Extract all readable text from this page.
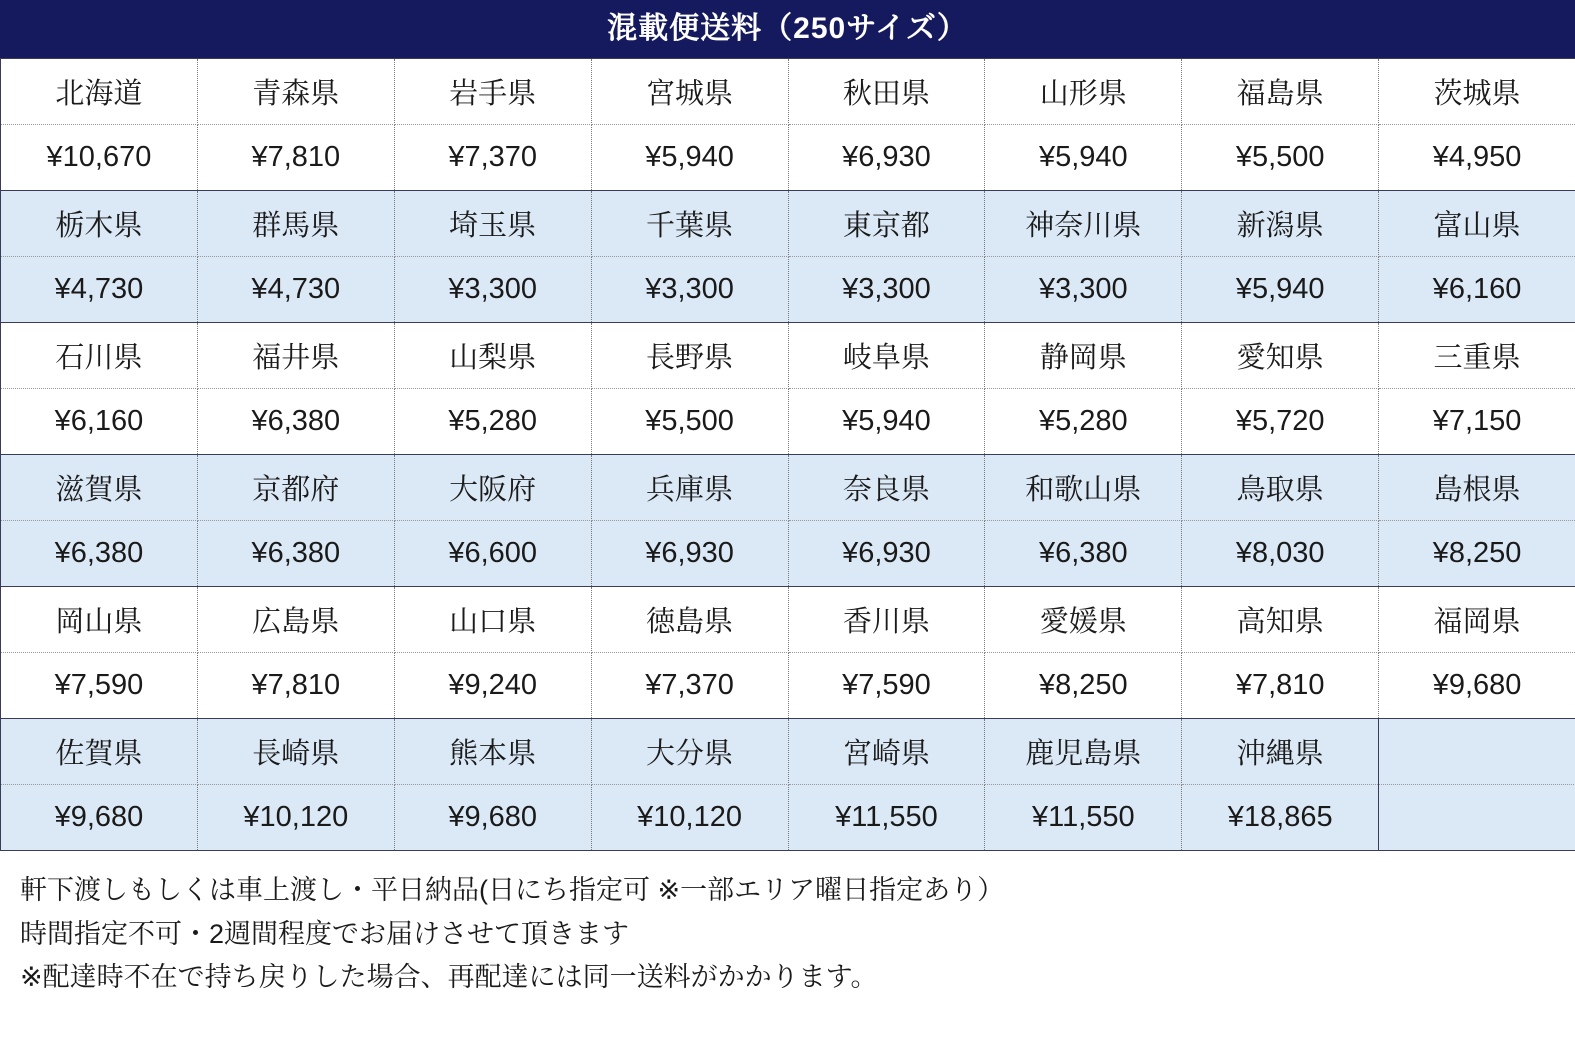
混載便送料（250サイズ）
北海道	青森県	岩手県	宮城県	秋田県	山形県	福島県	茨城県
¥10,670	¥7,810	¥7,370	¥5,940	¥6,930	¥5,940	¥5,500	¥4,950
栃木県	群馬県	埼玉県	千葉県	東京都	神奈川県	新潟県	富山県
¥4,730	¥4,730	¥3,300	¥3,300	¥3,300	¥3,300	¥5,940	¥6,160
石川県	福井県	山梨県	長野県	岐阜県	静岡県	愛知県	三重県
¥6,160	¥6,380	¥5,280	¥5,500	¥5,940	¥5,280	¥5,720	¥7,150
滋賀県	京都府	大阪府	兵庫県	奈良県	和歌山県	鳥取県	島根県
¥6,380	¥6,380	¥6,600	¥6,930	¥6,930	¥6,380	¥8,030	¥8,250
岡山県	広島県	山口県	徳島県	香川県	愛媛県	高知県	福岡県
¥7,590	¥7,810	¥9,240	¥7,370	¥7,590	¥8,250	¥7,810	¥9,680
佐賀県	長崎県	熊本県	大分県	宮崎県	鹿児島県	沖縄県	
¥9,680	¥10,120	¥9,680	¥10,120	¥11,550	¥11,550	¥18,865	
軒下渡しもしくは車上渡し・平日納品(日にち指定可 ※一部エリア曜日指定あり）
時間指定不可・2週間程度でお届けさせて頂きます
※配達時不在で持ち戻りした場合、再配達には同一送料がかかります。
